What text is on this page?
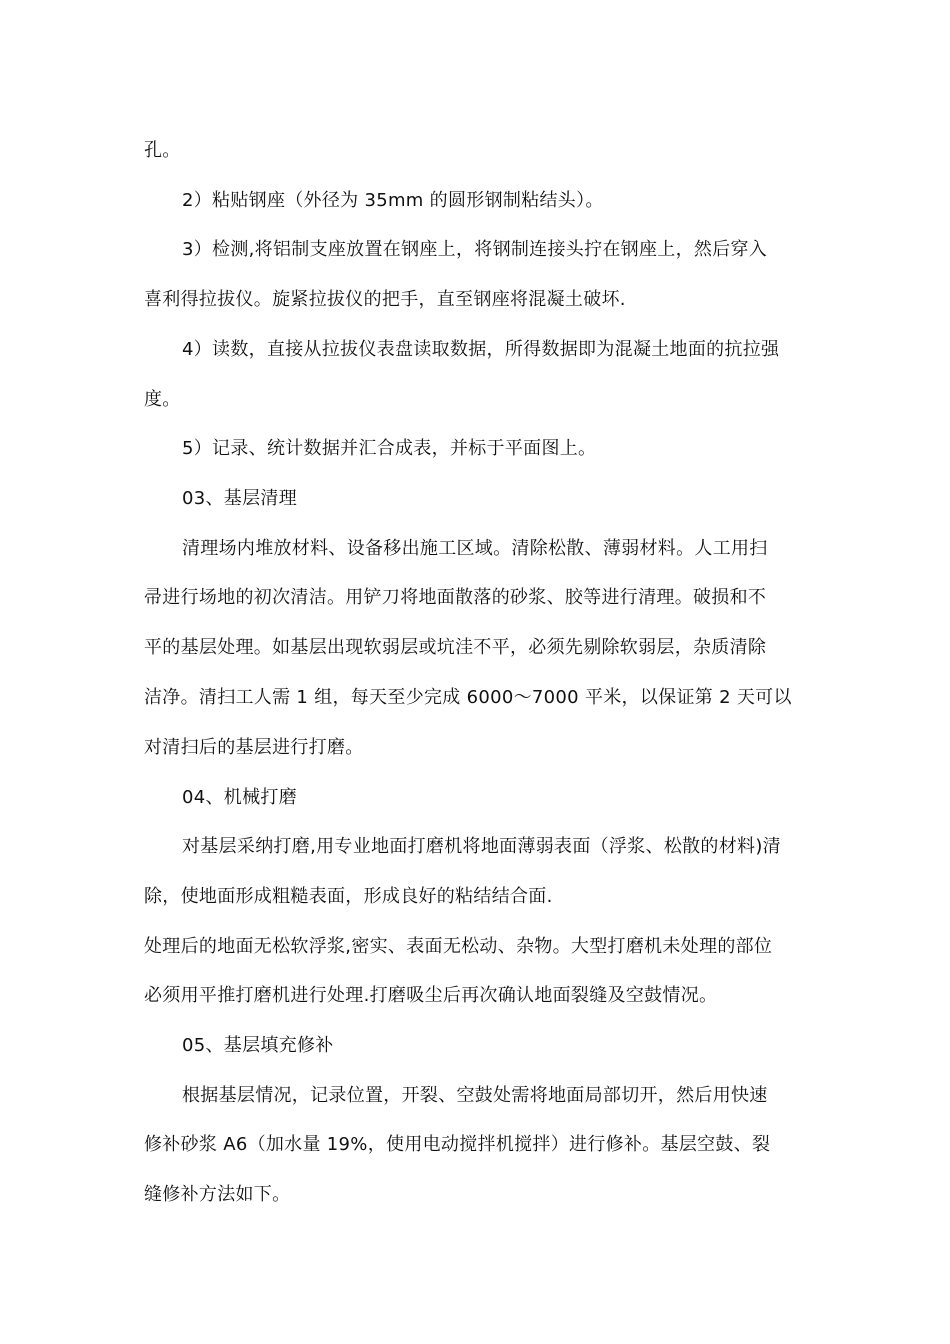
孔。
2）粘贴钢座（外径为 35mm 的圆形钢制粘结头）。
3）检测,将铝制支座放置在钢座上，将钢制连接头拧在钢座上，然后穿入
喜利得拉拔仪。旋紧拉拔仪的把手，直至钢座将混凝土破坏.
4）读数，直接从拉拔仪表盘读取数据，所得数据即为混凝土地面的抗拉强
度。
5）记录、统计数据并汇合成表，并标于平面图上。
03、基层清理
清理场内堆放材料、设备移出施工区域。清除松散、薄弱材料。人工用扫
帚进行场地的初次清洁。用铲刀将地面散落的砂浆、胶等进行清理。破损和不
平的基层处理。如基层出现软弱层或坑洼不平，必须先剔除软弱层，杂质清除
洁净。清扫工人需 1 组，每天至少完成 6000～7000 平米，以保证第 2 天可以
对清扫后的基层进行打磨。
04、机械打磨
对基层采纳打磨,用专业地面打磨机将地面薄弱表面（浮浆、松散的材料)清
除，使地面形成粗糙表面，形成良好的粘结结合面.
处理后的地面无松软浮浆,密实、表面无松动、杂物。大型打磨机未处理的部位
必须用平推打磨机进行处理.打磨吸尘后再次确认地面裂缝及空鼓情况。
05、基层填充修补
根据基层情况，记录位置，开裂、空鼓处需将地面局部切开，然后用快速
修补砂浆 A6（加水量 19%，使用电动搅拌机搅拌）进行修补。基层空鼓、裂
缝修补方法如下。
